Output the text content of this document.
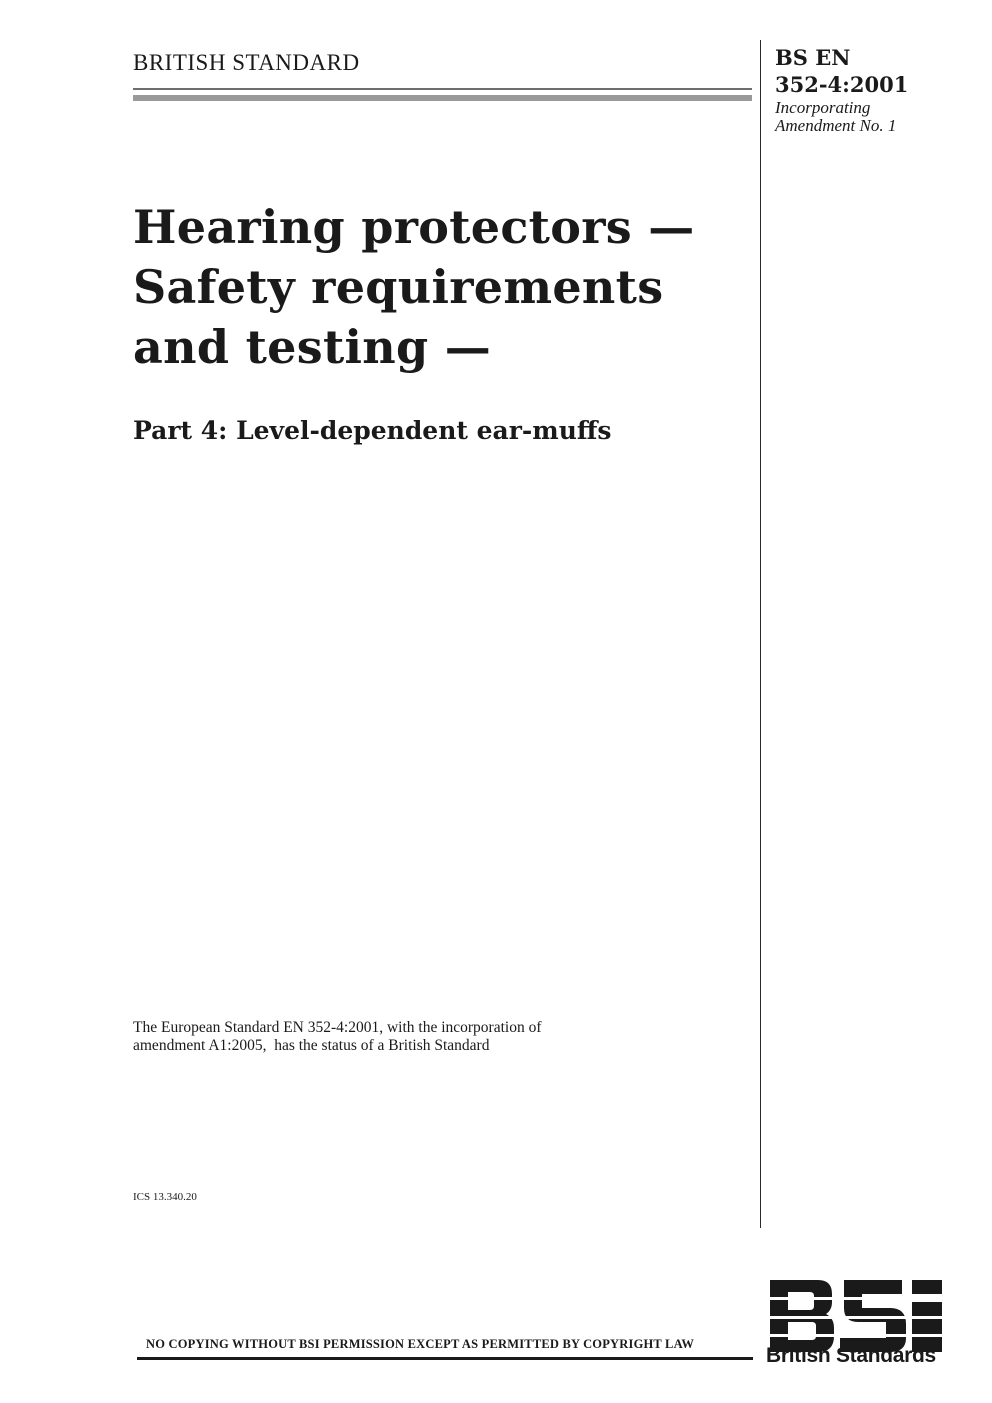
BRITISH STANDARD	BS EN
352-4:2001
Incorporating
Amendment No. 1
Hearing protectors —
Safety requirements
and testing —
Part 4: Level-dependent ear-muffs
The European Standard EN 352-4:2001, with the incorporation of
amendment A1:2005,  has the status of a British Standard
ICS 13.340.20
NO COPYING WITHOUT BSI PERMISSION EXCEPT AS PERMITTED BY COPYRIGHT LAW	British Standards
